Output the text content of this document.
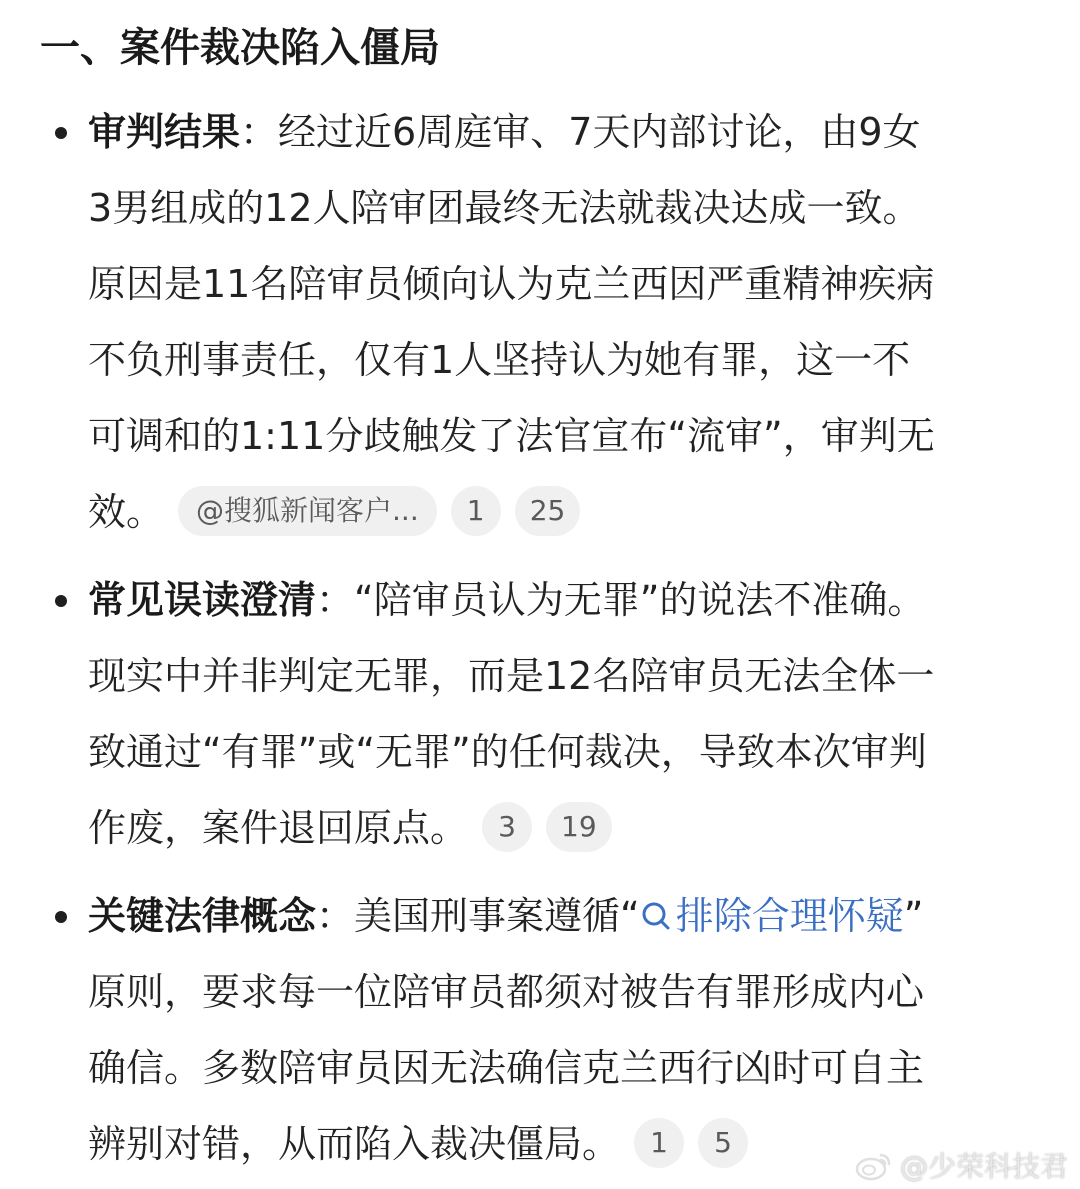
一、案件裁决陷入僵局
审判结果：经过近6周庭审、7天内部讨论，由9女
3男组成的12人陪审团最终无法就裁决达成一致。
原因是11名陪审员倾向认为克兰西因严重精神疾病
不负刑事责任，仅有1人坚持认为她有罪，这一不
可调和的1:11分歧触发了法官宣布“流审”，审判无
效。 @搜狐新闻客户... 1 25
常见误读澄清：“陪审员认为无罪”的说法不准确。
现实中并非判定无罪，而是12名陪审员无法全体一
致通过“有罪”或“无罪”的任何裁决，导致本次审判
作废，案件退回原点。 3 19
关键法律概念：美国刑事案遵循“ 排除合理怀疑”
原则，要求每一位陪审员都须对被告有罪形成内心
确信。多数陪审员因无法确信克兰西行凶时可自主
辨别对错，从而陷入裁决僵局。 1 5
@少荣科技君
